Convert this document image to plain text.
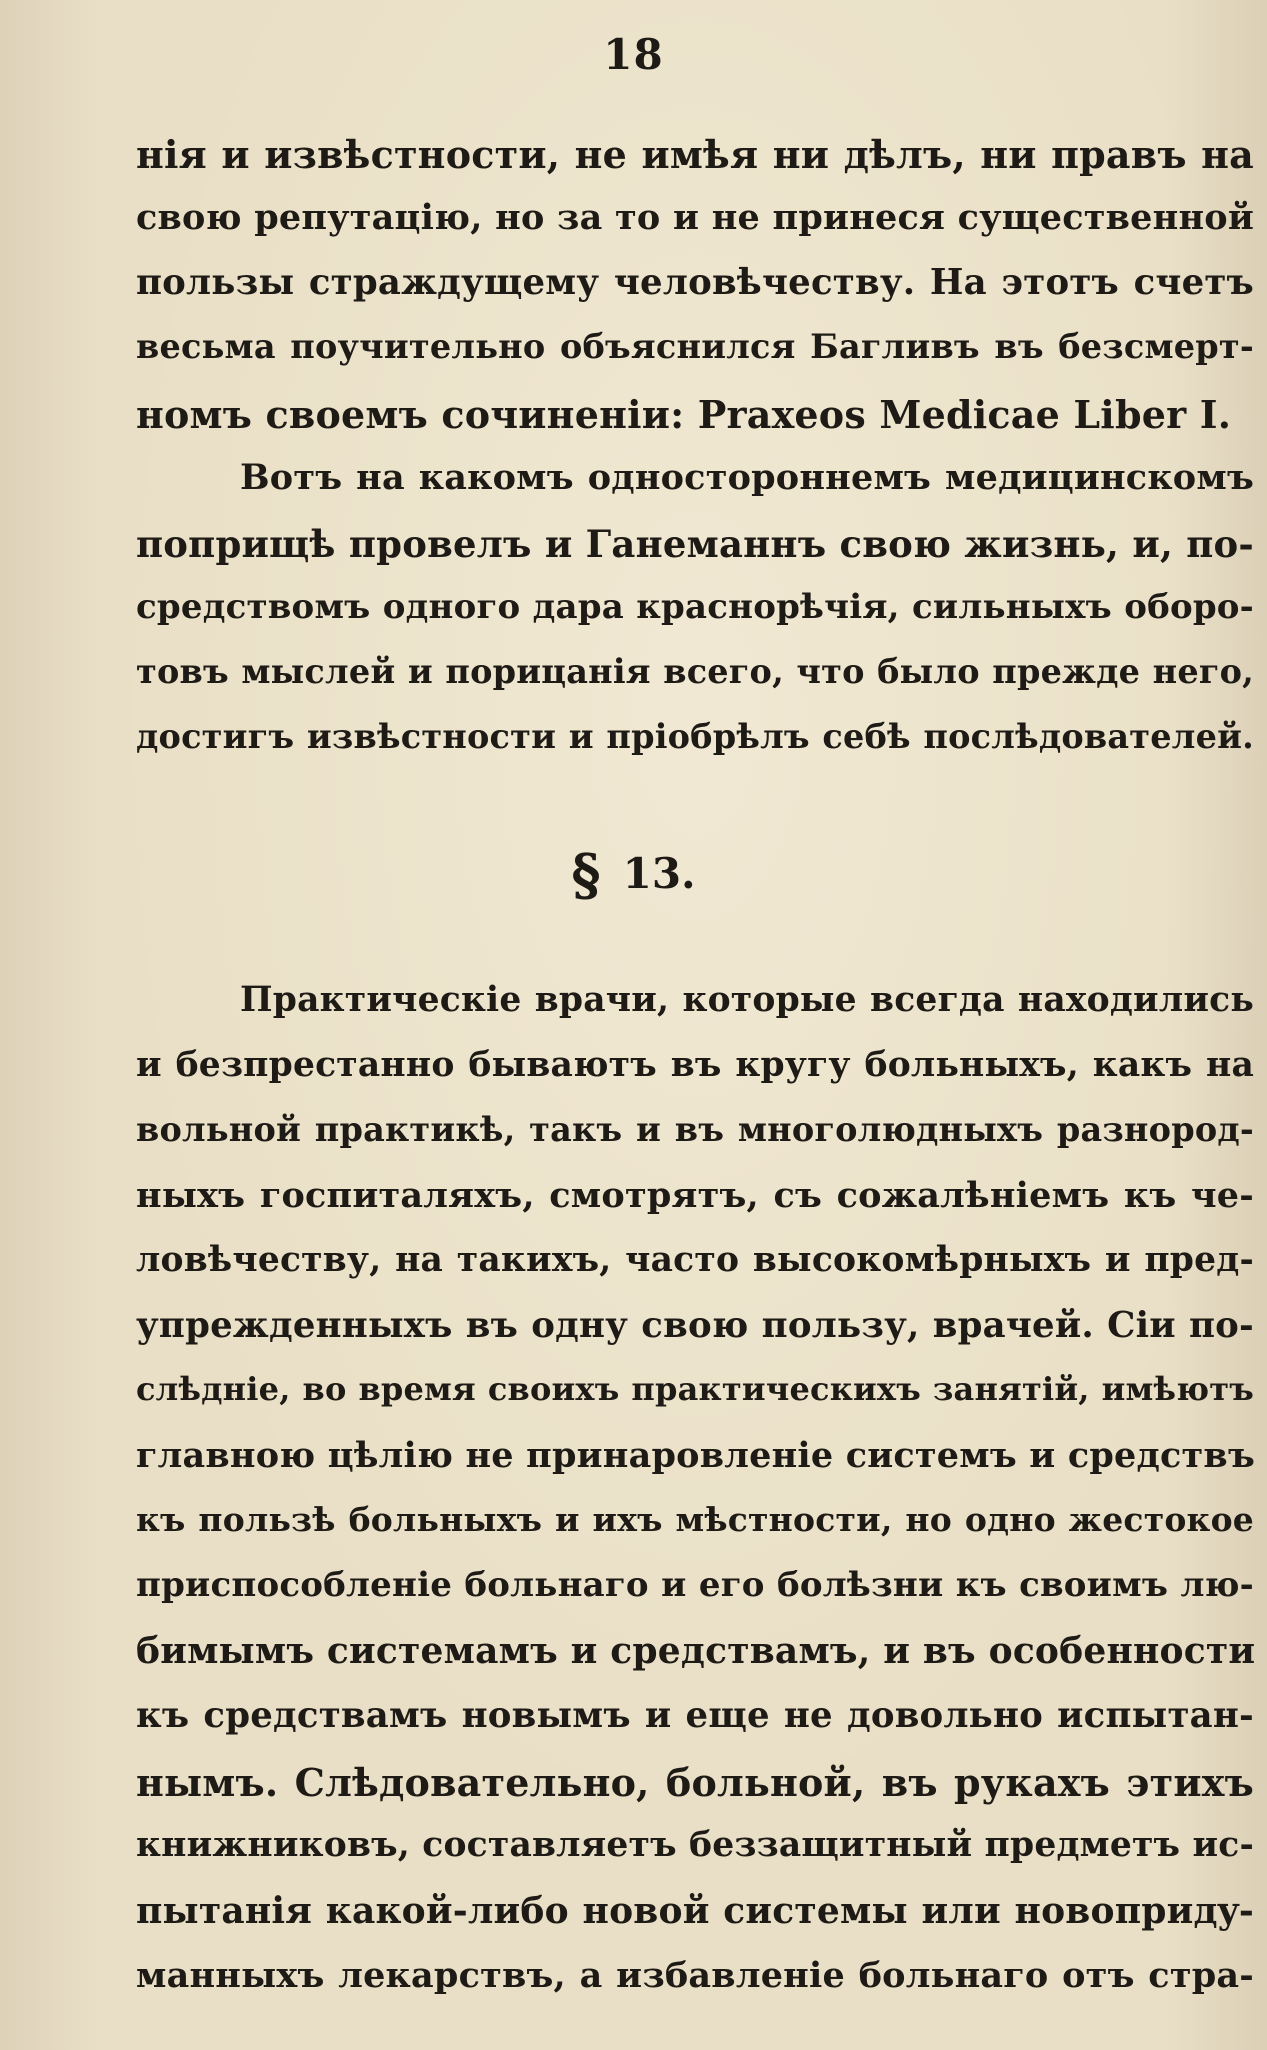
18
нія и извѣстности, не имѣя ни дѣлъ, ни правъ на
свою репутацію, но за то и не принеся существенной
пользы страждущему человѣчеству. На этотъ счетъ
весьма поучительно объяснился Багливъ въ безсмерт-
номъ своемъ сочиненіи: Praxeos Medicae Liber I.
Вотъ на какомъ одностороннемъ медицинскомъ
поприщѣ провелъ и Ганеманнъ свою жизнь, и, по-
средствомъ одного дара краснорѣчія, сильныхъ оборо-
товъ мыслей и порицанія всего, что было прежде него,
достигъ извѣстности и пріобрѣлъ себѣ послѣдователей.
§ 13.
Практическіе врачи, которые всегда находились
и безпрестанно бываютъ въ кругу больныхъ, какъ на
вольной практикѣ, такъ и въ многолюдныхъ разнород-
ныхъ госпиталяхъ, смотрятъ, съ сожалѣніемъ къ че-
ловѣчеству, на такихъ, часто высокомѣрныхъ и пред-
упрежденныхъ въ одну свою пользу, врачей. Сіи по-
слѣдніе, во время своихъ практическихъ занятій, имѣютъ
главною цѣлію не принаровленіе системъ и средствъ
къ пользѣ больныхъ и ихъ мѣстности, но одно жестокое
приспособленіе больнаго и его болѣзни къ своимъ лю-
бимымъ системамъ и средствамъ, и въ особенности
къ средствамъ новымъ и еще не довольно испытан-
нымъ. Слѣдовательно, больной, въ рукахъ этихъ
книжниковъ, составляетъ беззащитный предметъ ис-
пытанія какой-либо новой системы или новопридy-
манныхъ лекарствъ, а избавленіе больнаго отъ стра-
